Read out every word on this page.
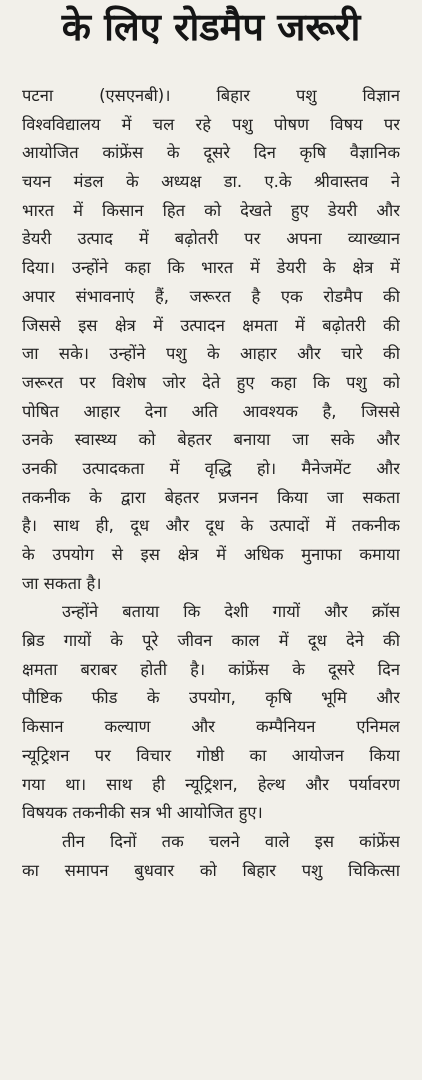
के लिए रोडमैप जरूरी
पटना (एसएनबी)। बिहार पशु विज्ञान
विश्वविद्यालय में चल रहे पशु पोषण विषय पर
आयोजित कांफ्रेंस के दूसरे दिन कृषि वैज्ञानिक
चयन मंडल के अध्यक्ष डा. ए.के श्रीवास्तव ने
भारत में किसान हित को देखते हुए डेयरी और
डेयरी उत्पाद में बढ़ोतरी पर अपना व्याख्यान
दिया। उन्होंने कहा कि भारत में डेयरी के क्षेत्र में
अपार संभावनाएं हैं, जरूरत है एक रोडमैप की
जिससे इस क्षेत्र में उत्पादन क्षमता में बढ़ोतरी की
जा सके। उन्होंने पशु के आहार और चारे की
जरूरत पर विशेष जोर देते हुए कहा कि पशु को
पोषित आहार देना अति आवश्यक है, जिससे
उनके स्वास्थ्य को बेहतर बनाया जा सके और
उनकी उत्पादकता में वृद्धि हो। मैनेजमेंट और
तकनीक के द्वारा बेहतर प्रजनन किया जा सकता
है। साथ ही, दूध और दूध के उत्पादों में तकनीक
के उपयोग से इस क्षेत्र में अधिक मुनाफा कमाया
जा सकता है।
उन्होंने बताया कि देशी गायों और क्रॉस
ब्रिड गायों के पूरे जीवन काल में दूध देने की
क्षमता बराबर होती है। कांफ्रेंस के दूसरे दिन
पौष्टिक फीड के उपयोग, कृषि भूमि और
किसान कल्याण और कम्पैनियन एनिमल
न्यूट्रिशन पर विचार गोष्ठी का आयोजन किया
गया था। साथ ही न्यूट्रिशन, हेल्थ और पर्यावरण
विषयक तकनीकी सत्र भी आयोजित हुए।
तीन दिनों तक चलने वाले इस कांफ्रेंस
का समापन बुधवार को बिहार पशु चिकित्सा
